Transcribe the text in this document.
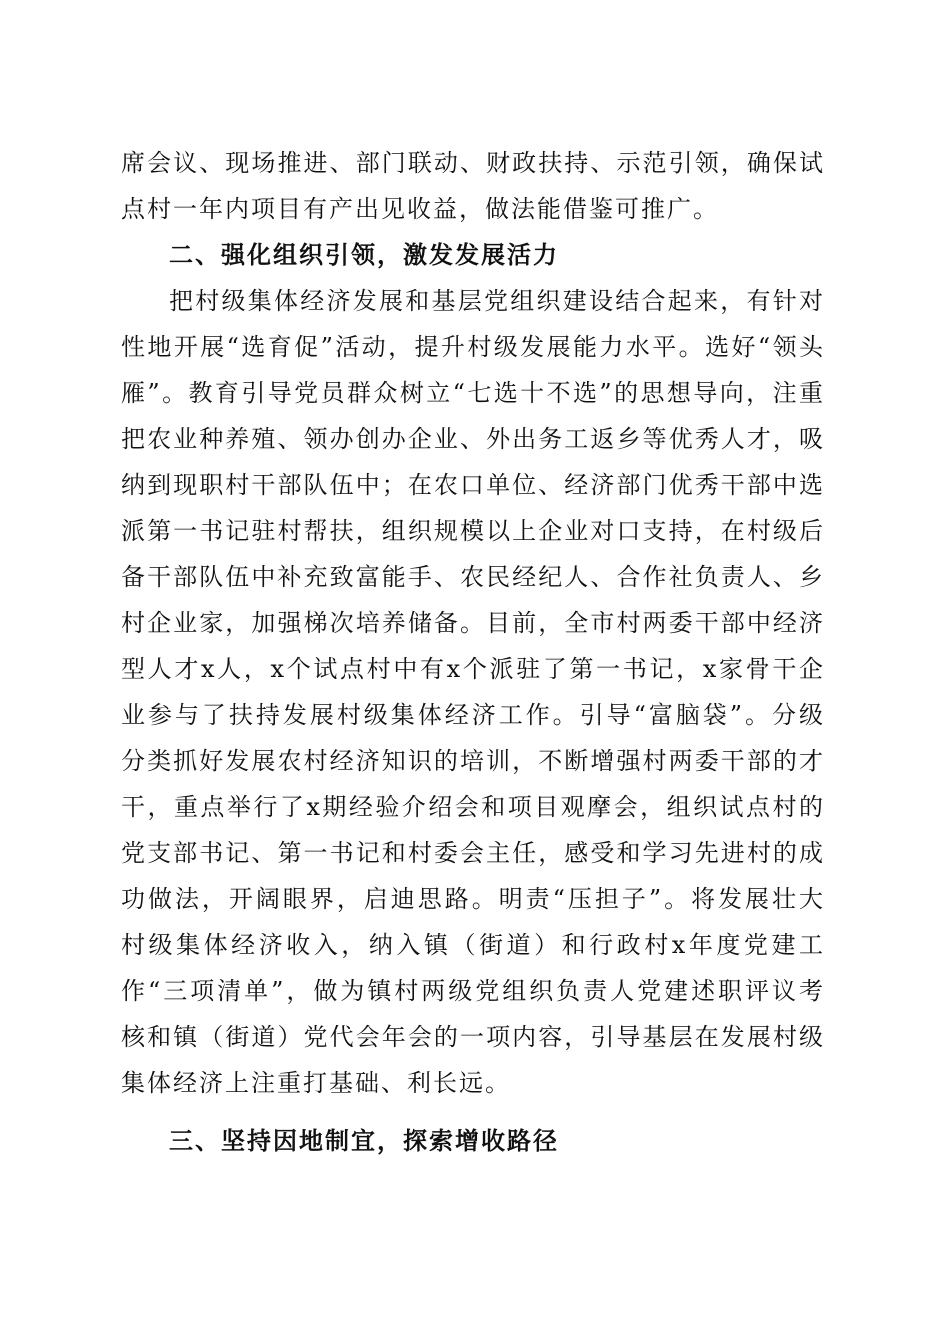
席会议、现场推进、部门联动、财政扶持、示范引领，确保试点村一年内项目有产出见收益，做法能借鉴可推广。

二、强化组织引领，激发发展活力

把村级集体经济发展和基层党组织建设结合起来，有针对性地开展“选育促”活动，提升村级发展能力水平。选好“领头雁”。教育引导党员群众树立“七选十不选”的思想导向，注重把农业种养殖、领办创办企业、外出务工返乡等优秀人才，吸纳到现职村干部队伍中；在农口单位、经济部门优秀干部中选派第一书记驻村帮扶，组织规模以上企业对口支持，在村级后备干部队伍中补充致富能手、农民经纪人、合作社负责人、乡村企业家，加强梯次培养储备。目前，全市村两委干部中经济型人才x人，x个试点村中有x个派驻了第一书记，x家骨干企业参与了扶持发展村级集体经济工作。引导“富脑袋”。分级分类抓好发展农村经济知识的培训，不断增强村两委干部的才干，重点举行了x期经验介绍会和项目观摩会，组织试点村的党支部书记、第一书记和村委会主任，感受和学习先进村的成功做法，开阔眼界，启迪思路。明责“压担子”。将发展壮大村级集体经济收入，纳入镇（街道）和行政村x年度党建工作“三项清单”，做为镇村两级党组织负责人党建述职评议考核和镇（街道）党代会年会的一项内容，引导基层在发展村级集体经济上注重打基础、利长远。

三、坚持因地制宜，探索增收路径
